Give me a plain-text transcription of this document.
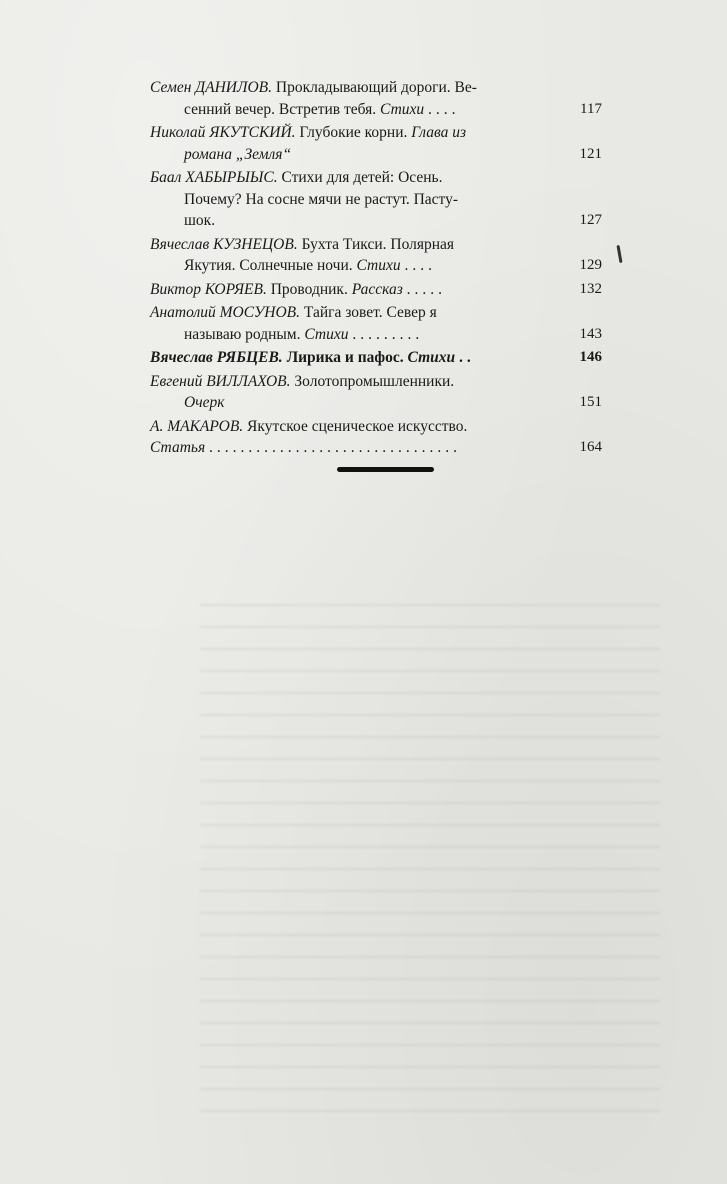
Семен ДАНИЛОВ. Прокладывающий дороги. Ве-
сенний вечер. Встретив тебя. Стихи ....	117
Николай ЯКУТСКИЙ. Глубокие корни. Глава из
романа „Земля“	121
Баал ХАБЫРЫЫС. Стихи для детей: Осень.
Почему? На сосне мячи не растут. Пасту-
шок.	127
Вячеслав КУЗНЕЦОВ. Бухта Тикси. Полярная
Якутия. Солнечные ночи. Стихи ....	129
Виктор КОРЯЕВ. Проводник. Рассказ .....	132
Анатолий МОСУНОВ. Тайга зовет. Север я
называю родным. Стихи .........	143
Вячеслав РЯБЦЕВ. Лирика и пафос. Стихи ..	146
Евгений ВИЛЛАХОВ. Золотопромышленники.
Очерк	151
А. МАКАРОВ. Якутское сценическое искусство.
Статья ................................	164
